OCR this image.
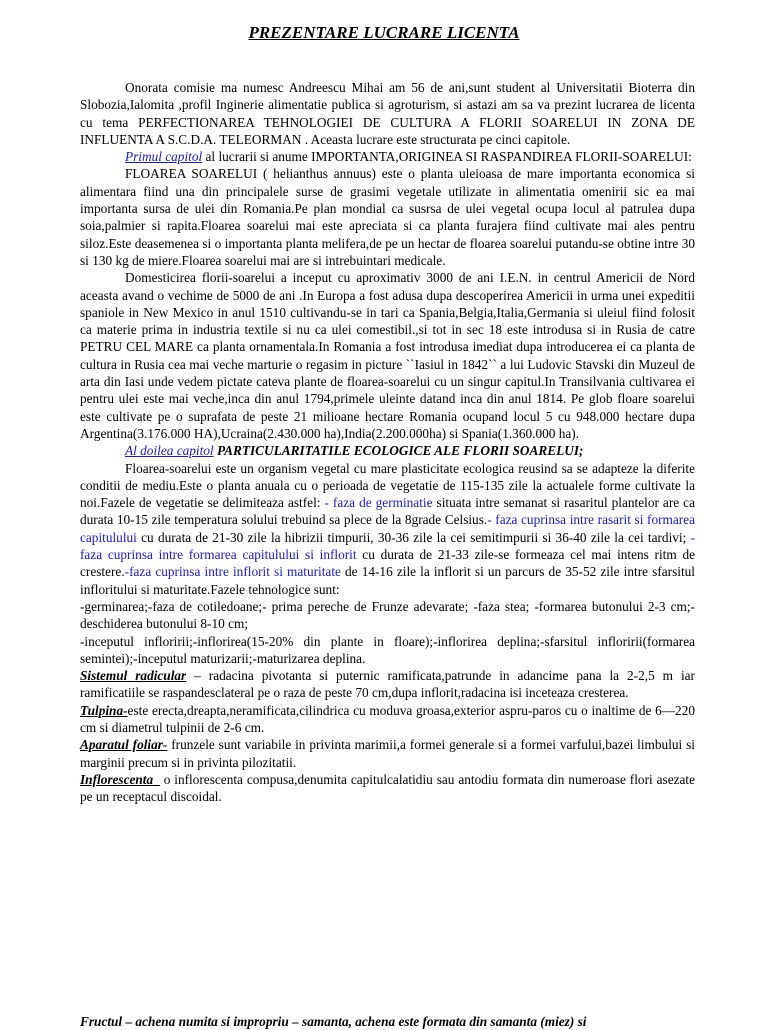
PREZENTARE LUCRARE LICENTA

Onorata comisie ma numesc Andreescu Mihai am 56 de ani,sunt student al Universitatii Bioterra din Slobozia,Ialomita ,profil Inginerie alimentatie publica si agroturism, si astazi am sa va prezint lucrarea de licenta cu tema PERFECTIONAREA TEHNOLOGIEI DE CULTURA A FLORII SOARELUI IN ZONA DE INFLUENTA A S.C.D.A. TELEORMAN . Aceasta lucrare este structurata pe cinci capitole.

Primul capitol al lucrarii si anume IMPORTANTA,ORIGINEA SI RASPANDIREA FLORII-SOARELUI:

FLOAREA SOARELUI ( helianthus annuus) este o planta uleioasa de mare importanta economica si alimentara fiind una din principalele surse de grasimi vegetale utilizate in alimentatia omenirii sic ea mai importanta sursa de ulei din Romania.Pe plan mondial ca susrsa de ulei vegetal ocupa locul al patrulea dupa soia,palmier si rapita.Floarea soarelui mai este apreciata si ca planta furajera fiind cultivate mai ales pentru siloz.Este deasemenea si o importanta planta melifera,de pe un hectar de floarea soarelui putandu-se obtine intre 30 si 130 kg de miere.Floarea soarelui mai are si intrebuintari medicale.

Domesticirea florii-soarelui a inceput cu aproximativ 3000 de ani I.E.N. in centrul Americii de Nord aceasta avand o vechime de 5000 de ani .In Europa a fost adusa dupa descoperirea Americii in urma unei expeditii spaniole in New Mexico in anul 1510 cultivandu-se in tari ca Spania,Belgia,Italia,Germania si uleiul fiind folosit ca materie prima in industria textile si nu ca ulei comestibil.,si tot in sec 18 este introdusa si in Rusia de catre PETRU CEL MARE ca planta ornamentala.In Romania a fost introdusa imediat dupa introducerea ei ca planta de cultura in Rusia cea mai veche marturie o regasim in picture ``Iasiul in 1842`` a lui Ludovic Stavski din Muzeul de arta din Iasi unde vedem pictate cateva plante de floarea-soarelui cu un singur capitul.In Transilvania cultivarea ei pentru ulei este mai veche,inca din anul 1794,primele uleinte datand inca din anul 1814. Pe glob floare soarelui este cultivate pe o suprafata de peste 21 milioane hectare Romania ocupand locul 5 cu 948.000 hectare dupa Argentina(3.176.000 HA),Ucraina(2.430.000 ha),India(2.200.000ha) si Spania(1.360.000 ha).

Al doilea capitol PARTICULARITATILE ECOLOGICE ALE FLORII SOARELUI;

Floarea-soarelui este un organism vegetal cu mare plasticitate ecologica reusind sa se adapteze la diferite conditii de mediu.Este o planta anuala cu o perioada de vegetatie de 115-135 zile la actualele forme cultivate la noi.Fazele de vegetatie se delimiteaza astfel: - faza de germinatie situata intre semanat si rasaritul plantelor are ca durata 10-15 zile temperatura solului trebuind sa plece de la 8grade Celsius.- faza cuprinsa intre rasarit si formarea capitulului cu durata de 21-30 zile la hibrizii timpurii, 30-36 zile la cei semitimpurii si 36-40 zile la cei tardivi; - faza cuprinsa intre formarea capitulului si inflorit cu durata de 21-33 zile-se formeaza cel mai intens ritm de crestere.-faza cuprinsa intre inflorit si maturitate de 14-16 zile la inflorit si un parcurs de 35-52 zile intre sfarsitul infloritului si maturitate.Fazele tehnologice sunt:

-germinarea;-faza de cotiledoane;- prima pereche de Frunze adevarate; -faza stea; -formarea butonului 2-3 cm;-deschiderea butonului 8-10 cm;

-inceputul infloririi;-inflorirea(15-20% din plante in floare);-inflorirea deplina;-sfarsitul infloririi(formarea semintei);-inceputul maturizarii;-maturizarea deplina.

Sistemul radicular – radacina pivotanta si puternic ramificata,patrunde in adancime pana la 2-2,5 m iar ramificatiile se raspandesclateral pe o raza de peste 70 cm,dupa inflorit,radacina isi inceteaza cresterea.

Tulpina-este erecta,dreapta,neramificata,cilindrica cu moduva groasa,exterior aspru-paros cu o inaltime de 6—220 cm si diametrul tulpinii de 2-6 cm.

Aparatul foliar- frunzele sunt variabile in privinta marimii,a formei generale si a formei varfului,bazei limbului si marginii precum si in privinta pilozitatii.

Inflorescenta_ o inflorescenta compusa,denumita capitulcalatidiu sau antodiu formata din numeroase flori asezate pe un receptacul discoidal.

Fructul – achena numita si impropriu – samanta, achena este formata din samanta (miez) si
